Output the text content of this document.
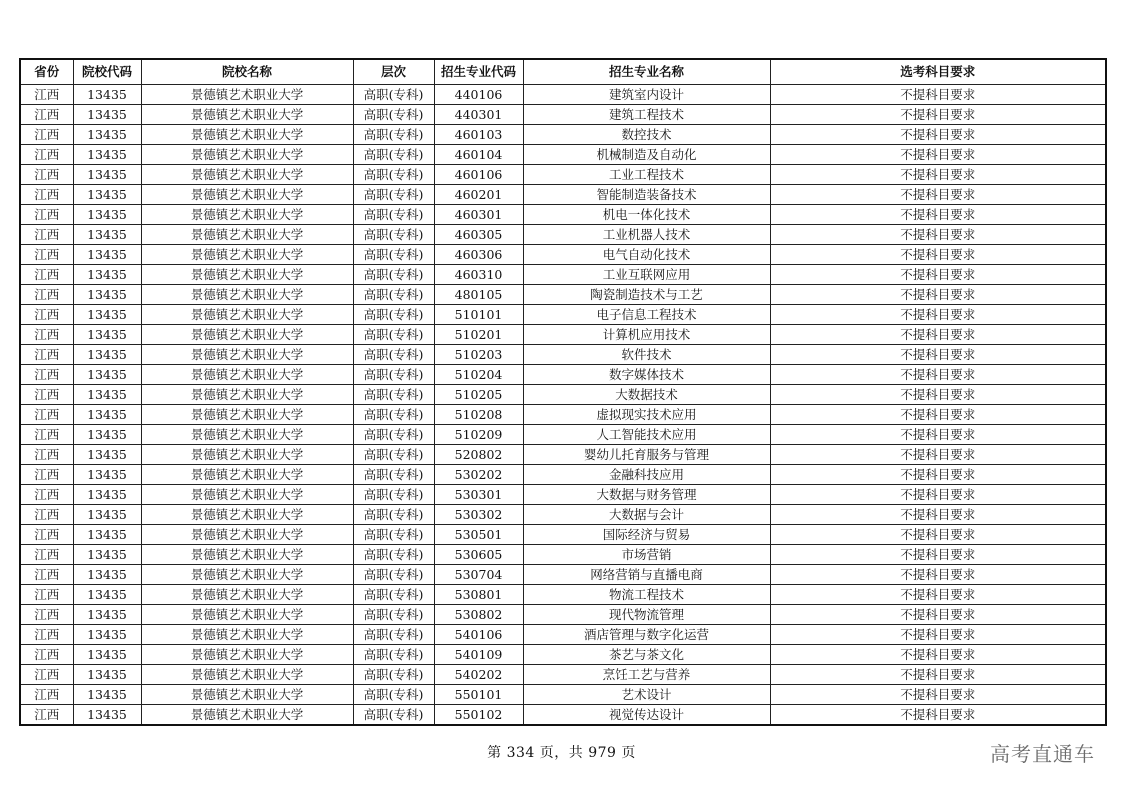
省份	院校代码	院校名称	层次	招生专业代码	招生专业名称	选考科目要求
江西	13435	景德镇艺术职业大学	高职(专科)	440106	建筑室内设计	不提科目要求
江西	13435	景德镇艺术职业大学	高职(专科)	440301	建筑工程技术	不提科目要求
江西	13435	景德镇艺术职业大学	高职(专科)	460103	数控技术	不提科目要求
江西	13435	景德镇艺术职业大学	高职(专科)	460104	机械制造及自动化	不提科目要求
江西	13435	景德镇艺术职业大学	高职(专科)	460106	工业工程技术	不提科目要求
江西	13435	景德镇艺术职业大学	高职(专科)	460201	智能制造装备技术	不提科目要求
江西	13435	景德镇艺术职业大学	高职(专科)	460301	机电一体化技术	不提科目要求
江西	13435	景德镇艺术职业大学	高职(专科)	460305	工业机器人技术	不提科目要求
江西	13435	景德镇艺术职业大学	高职(专科)	460306	电气自动化技术	不提科目要求
江西	13435	景德镇艺术职业大学	高职(专科)	460310	工业互联网应用	不提科目要求
江西	13435	景德镇艺术职业大学	高职(专科)	480105	陶瓷制造技术与工艺	不提科目要求
江西	13435	景德镇艺术职业大学	高职(专科)	510101	电子信息工程技术	不提科目要求
江西	13435	景德镇艺术职业大学	高职(专科)	510201	计算机应用技术	不提科目要求
江西	13435	景德镇艺术职业大学	高职(专科)	510203	软件技术	不提科目要求
江西	13435	景德镇艺术职业大学	高职(专科)	510204	数字媒体技术	不提科目要求
江西	13435	景德镇艺术职业大学	高职(专科)	510205	大数据技术	不提科目要求
江西	13435	景德镇艺术职业大学	高职(专科)	510208	虚拟现实技术应用	不提科目要求
江西	13435	景德镇艺术职业大学	高职(专科)	510209	人工智能技术应用	不提科目要求
江西	13435	景德镇艺术职业大学	高职(专科)	520802	婴幼儿托育服务与管理	不提科目要求
江西	13435	景德镇艺术职业大学	高职(专科)	530202	金融科技应用	不提科目要求
江西	13435	景德镇艺术职业大学	高职(专科)	530301	大数据与财务管理	不提科目要求
江西	13435	景德镇艺术职业大学	高职(专科)	530302	大数据与会计	不提科目要求
江西	13435	景德镇艺术职业大学	高职(专科)	530501	国际经济与贸易	不提科目要求
江西	13435	景德镇艺术职业大学	高职(专科)	530605	市场营销	不提科目要求
江西	13435	景德镇艺术职业大学	高职(专科)	530704	网络营销与直播电商	不提科目要求
江西	13435	景德镇艺术职业大学	高职(专科)	530801	物流工程技术	不提科目要求
江西	13435	景德镇艺术职业大学	高职(专科)	530802	现代物流管理	不提科目要求
江西	13435	景德镇艺术职业大学	高职(专科)	540106	酒店管理与数字化运营	不提科目要求
江西	13435	景德镇艺术职业大学	高职(专科)	540109	茶艺与茶文化	不提科目要求
江西	13435	景德镇艺术职业大学	高职(专科)	540202	烹饪工艺与营养	不提科目要求
江西	13435	景德镇艺术职业大学	高职(专科)	550101	艺术设计	不提科目要求
江西	13435	景德镇艺术职业大学	高职(专科)	550102	视觉传达设计	不提科目要求
第 334 页，共 979 页	高考直通车
